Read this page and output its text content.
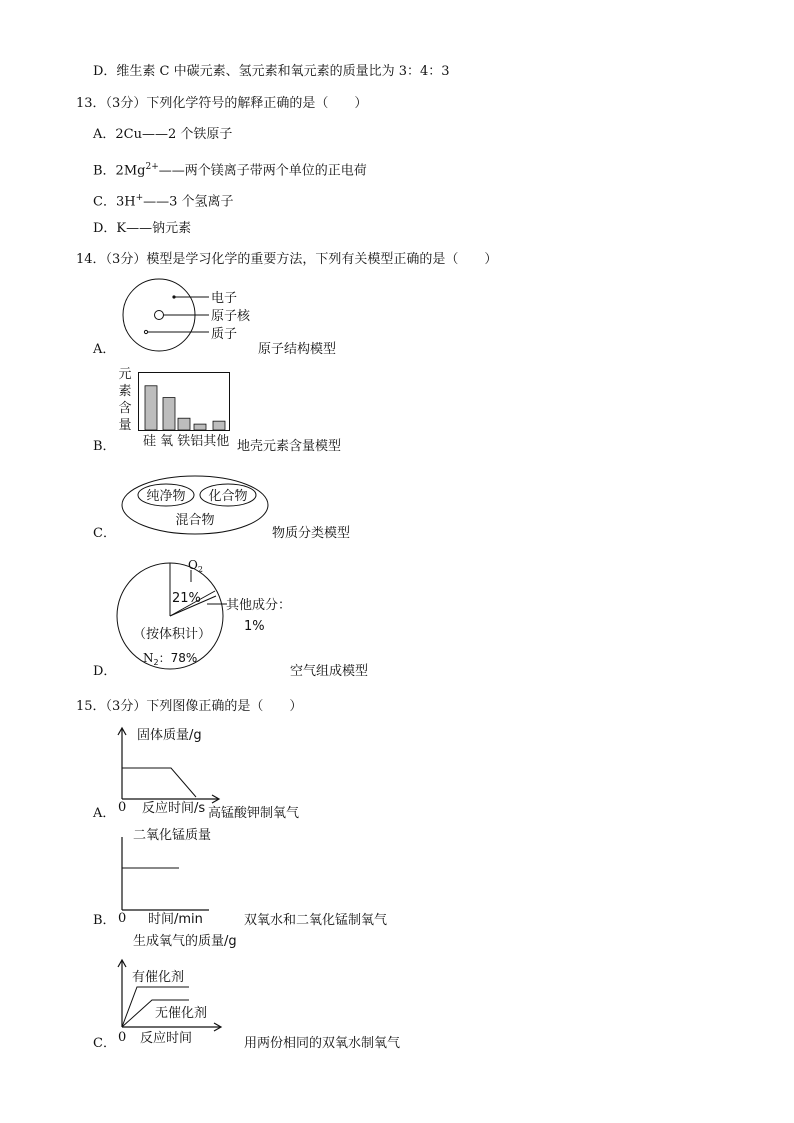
D．维生素 C 中碳元素、氢元素和氧元素的质量比为 3：4：3
13．（3分）下列化学符号的解释正确的是（　　）
A．2Cu——2 个铁原子
B．$2Mg^{2+}——$两个镁离子带两个单位的正电荷
C．3H+——3 个氢离子
D．K——钠元素
14．（3分）模型是学习化学的重要方法，下列有关模型正确的是（　　）
电子
原子核
质子
A．	原子结构模型
元
素
含
量
硅 氧 铁铝其他
B．	地壳元素含量模型
纯净物 化合物
混合物
C．	物质分类模型
$O_2$
21% 其他成分：
1%
（按体积计）
$N_2$：78%
D．	空气组成模型
15．（3分）下列图像正确的是（　　）
固体质量/g
0
A． 反应时间/s 高锰酸钾制氧气
二氧化锰质量
B． 0 时间/min	双氧水和二氧化锰制氧气
生成氧气的质量/g
有催化剂
无催化剂
0
C． 反应时间	用两份相同的双氧水制氧气
